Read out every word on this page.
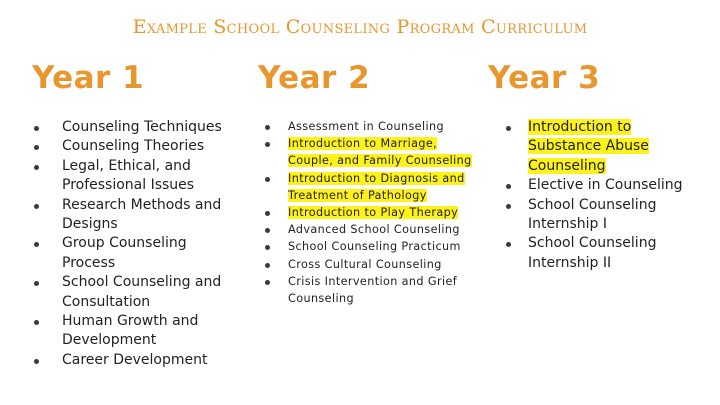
Example School Counseling Program Curriculum
Year 1
Counseling Techniques
Counseling Theories
Legal, Ethical, and Professional Issues
Research Methods and Designs
Group Counseling Process
School Counseling and Consultation
Human Growth and Development
Career Development
Year 2
Assessment in Counseling
Introduction to Marriage, Couple, and Family Counseling
Introduction to Diagnosis and Treatment of Pathology
Introduction to Play Therapy
Advanced School Counseling
School Counseling Practicum
Cross Cultural Counseling
Crisis Intervention and Grief Counseling
Year 3
Introduction to Substance Abuse Counseling
Elective in Counseling
School Counseling Internship I
School Counseling Internship II
